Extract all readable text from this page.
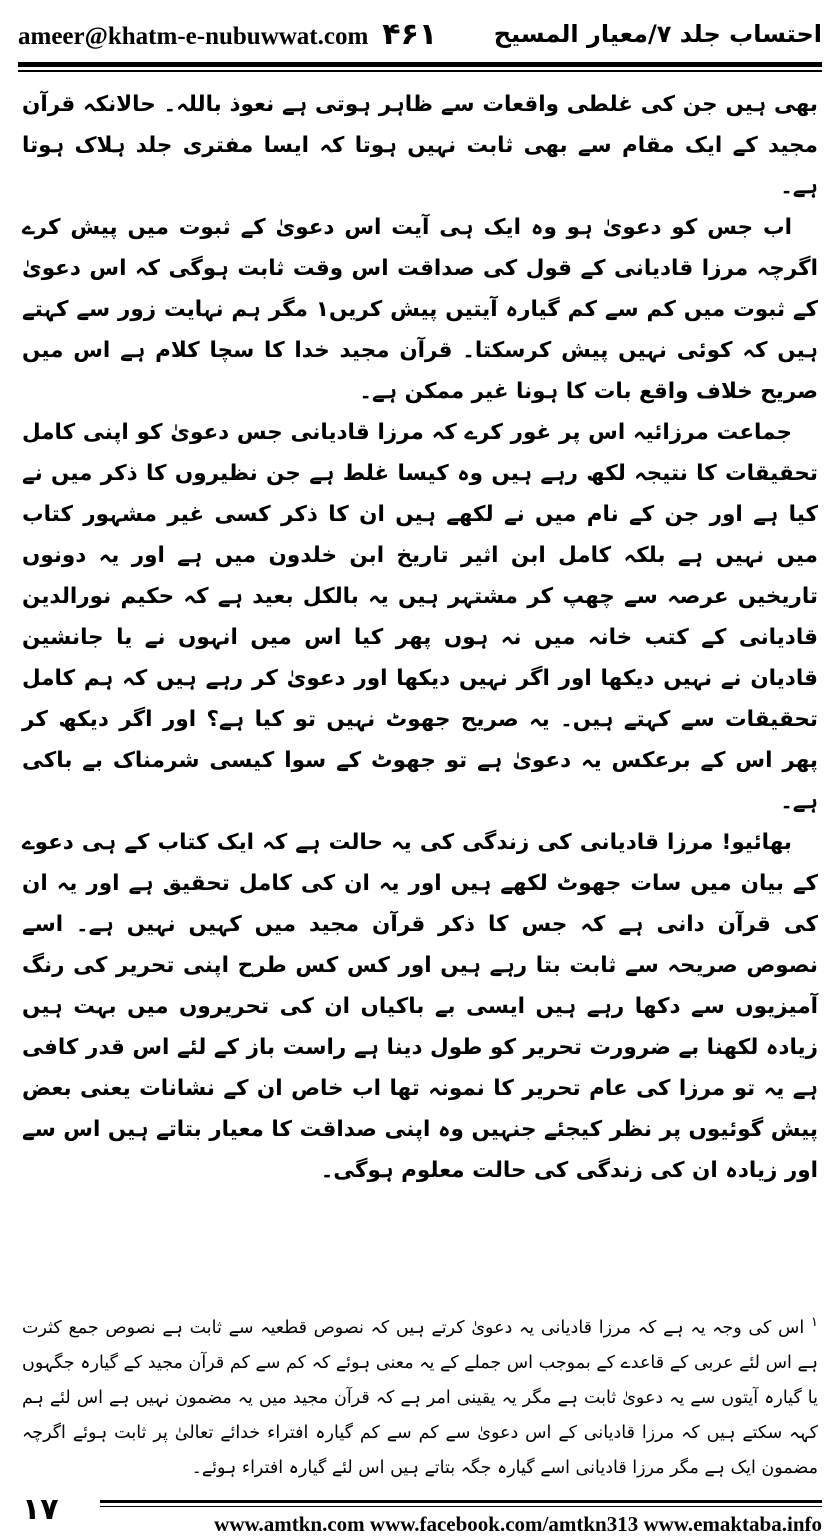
ameer@khatm-e-nubuwwat.com ۴۶۱ احتساب جلد ۷/معیار المسیح

بھی ہیں جن کی غلطی واقعات سے ظاہر ہوتی ہے نعوذ باللہ۔ حالانکہ قرآن مجید کے ایک مقام سے بھی ثابت نہیں ہوتا کہ ایسا مفتری جلد ہلاک ہوتا ہے۔

اب جس کو دعویٰ ہو وہ ایک ہی آیت اس دعویٰ کے ثبوت میں پیش کرے اگرچہ مرزا قادیانی کے قول کی صداقت اس وقت ثابت ہوگی کہ اس دعویٰ کے ثبوت میں کم سے کم گیارہ آیتیں پیش کریں۱ مگر ہم نہایت زور سے کہتے ہیں کہ کوئی نہیں پیش کرسکتا۔ قرآن مجید خدا کا سچا کلام ہے اس میں صریح خلاف واقع بات کا ہونا غیر ممکن ہے۔

جماعت مرزائیہ اس پر غور کرے کہ مرزا قادیانی جس دعویٰ کو اپنی کامل تحقیقات کا نتیجہ لکھ رہے ہیں وہ کیسا غلط ہے جن نظیروں کا ذکر میں نے کیا ہے اور جن کے نام میں نے لکھے ہیں ان کا ذکر کسی غیر مشہور کتاب میں نہیں ہے بلکہ کامل ابن اثیر تاریخ ابن خلدون میں ہے اور یہ دونوں تاریخیں عرصہ سے چھپ کر مشتہر ہیں یہ بالکل بعید ہے کہ حکیم نورالدین قادیانی کے کتب خانہ میں نہ ہوں پھر کیا اس میں انہوں نے یا جانشین قادیان نے نہیں دیکھا اور اگر نہیں دیکھا اور دعویٰ کر رہے ہیں کہ ہم کامل تحقیقات سے کہتے ہیں۔ یہ صریح جھوٹ نہیں تو کیا ہے؟ اور اگر دیکھ کر پھر اس کے برعکس یہ دعویٰ ہے تو جھوٹ کے سوا کیسی شرمناک بے باکی ہے۔

بھائیو! مرزا قادیانی کی زندگی کی یہ حالت ہے کہ ایک کتاب کے ہی دعوے کے بیان میں سات جھوٹ لکھے ہیں اور یہ ان کی کامل تحقیق ہے اور یہ ان کی قرآن دانی ہے کہ جس کا ذکر قرآن مجید میں کہیں نہیں ہے۔ اسے نصوص صریحہ سے ثابت بتا رہے ہیں اور کس کس طرح اپنی تحریر کی رنگ آمیزیوں سے دکھا رہے ہیں ایسی بے باکیاں ان کی تحریروں میں بہت ہیں زیادہ لکھنا بے ضرورت تحریر کو طول دینا ہے راست باز کے لئے اس قدر کافی ہے یہ تو مرزا کی عام تحریر کا نمونہ تھا اب خاص ان کے نشانات یعنی بعض پیش گوئیوں پر نظر کیجئے جنہیں وہ اپنی صداقت کا معیار بتاتے ہیں اس سے اور زیادہ ان کی زندگی کی حالت معلوم ہوگی۔

$^۱$ اس کی وجہ یہ ہے کہ مرزا قادیانی یہ دعویٰ کرتے ہیں کہ نصوص قطعیہ سے ثابت ہے نصوص جمع کثرت ہے اس لئے عربی کے قاعدے کے بموجب اس جملے کے یہ معنی ہوئے کہ کم سے کم قرآن مجید کے گیارہ جگہوں یا گیارہ آیتوں سے یہ دعویٰ ثابت ہے مگر یہ یقینی امر ہے کہ قرآن مجید میں یہ مضمون نہیں ہے اس لئے ہم کہہ سکتے ہیں کہ مرزا قادیانی کے اس دعویٰ سے کم سے کم گیارہ افتراء خدائے تعالیٰ پر ثابت ہوئے اگرچہ مضمون ایک ہے مگر مرزا قادیانی اسے گیارہ جگہ بتاتے ہیں اس لئے گیارہ افتراء ہوئے۔

۱۷	www.amtkn.com www.facebook.com/amtkn313 www.emaktaba.info
